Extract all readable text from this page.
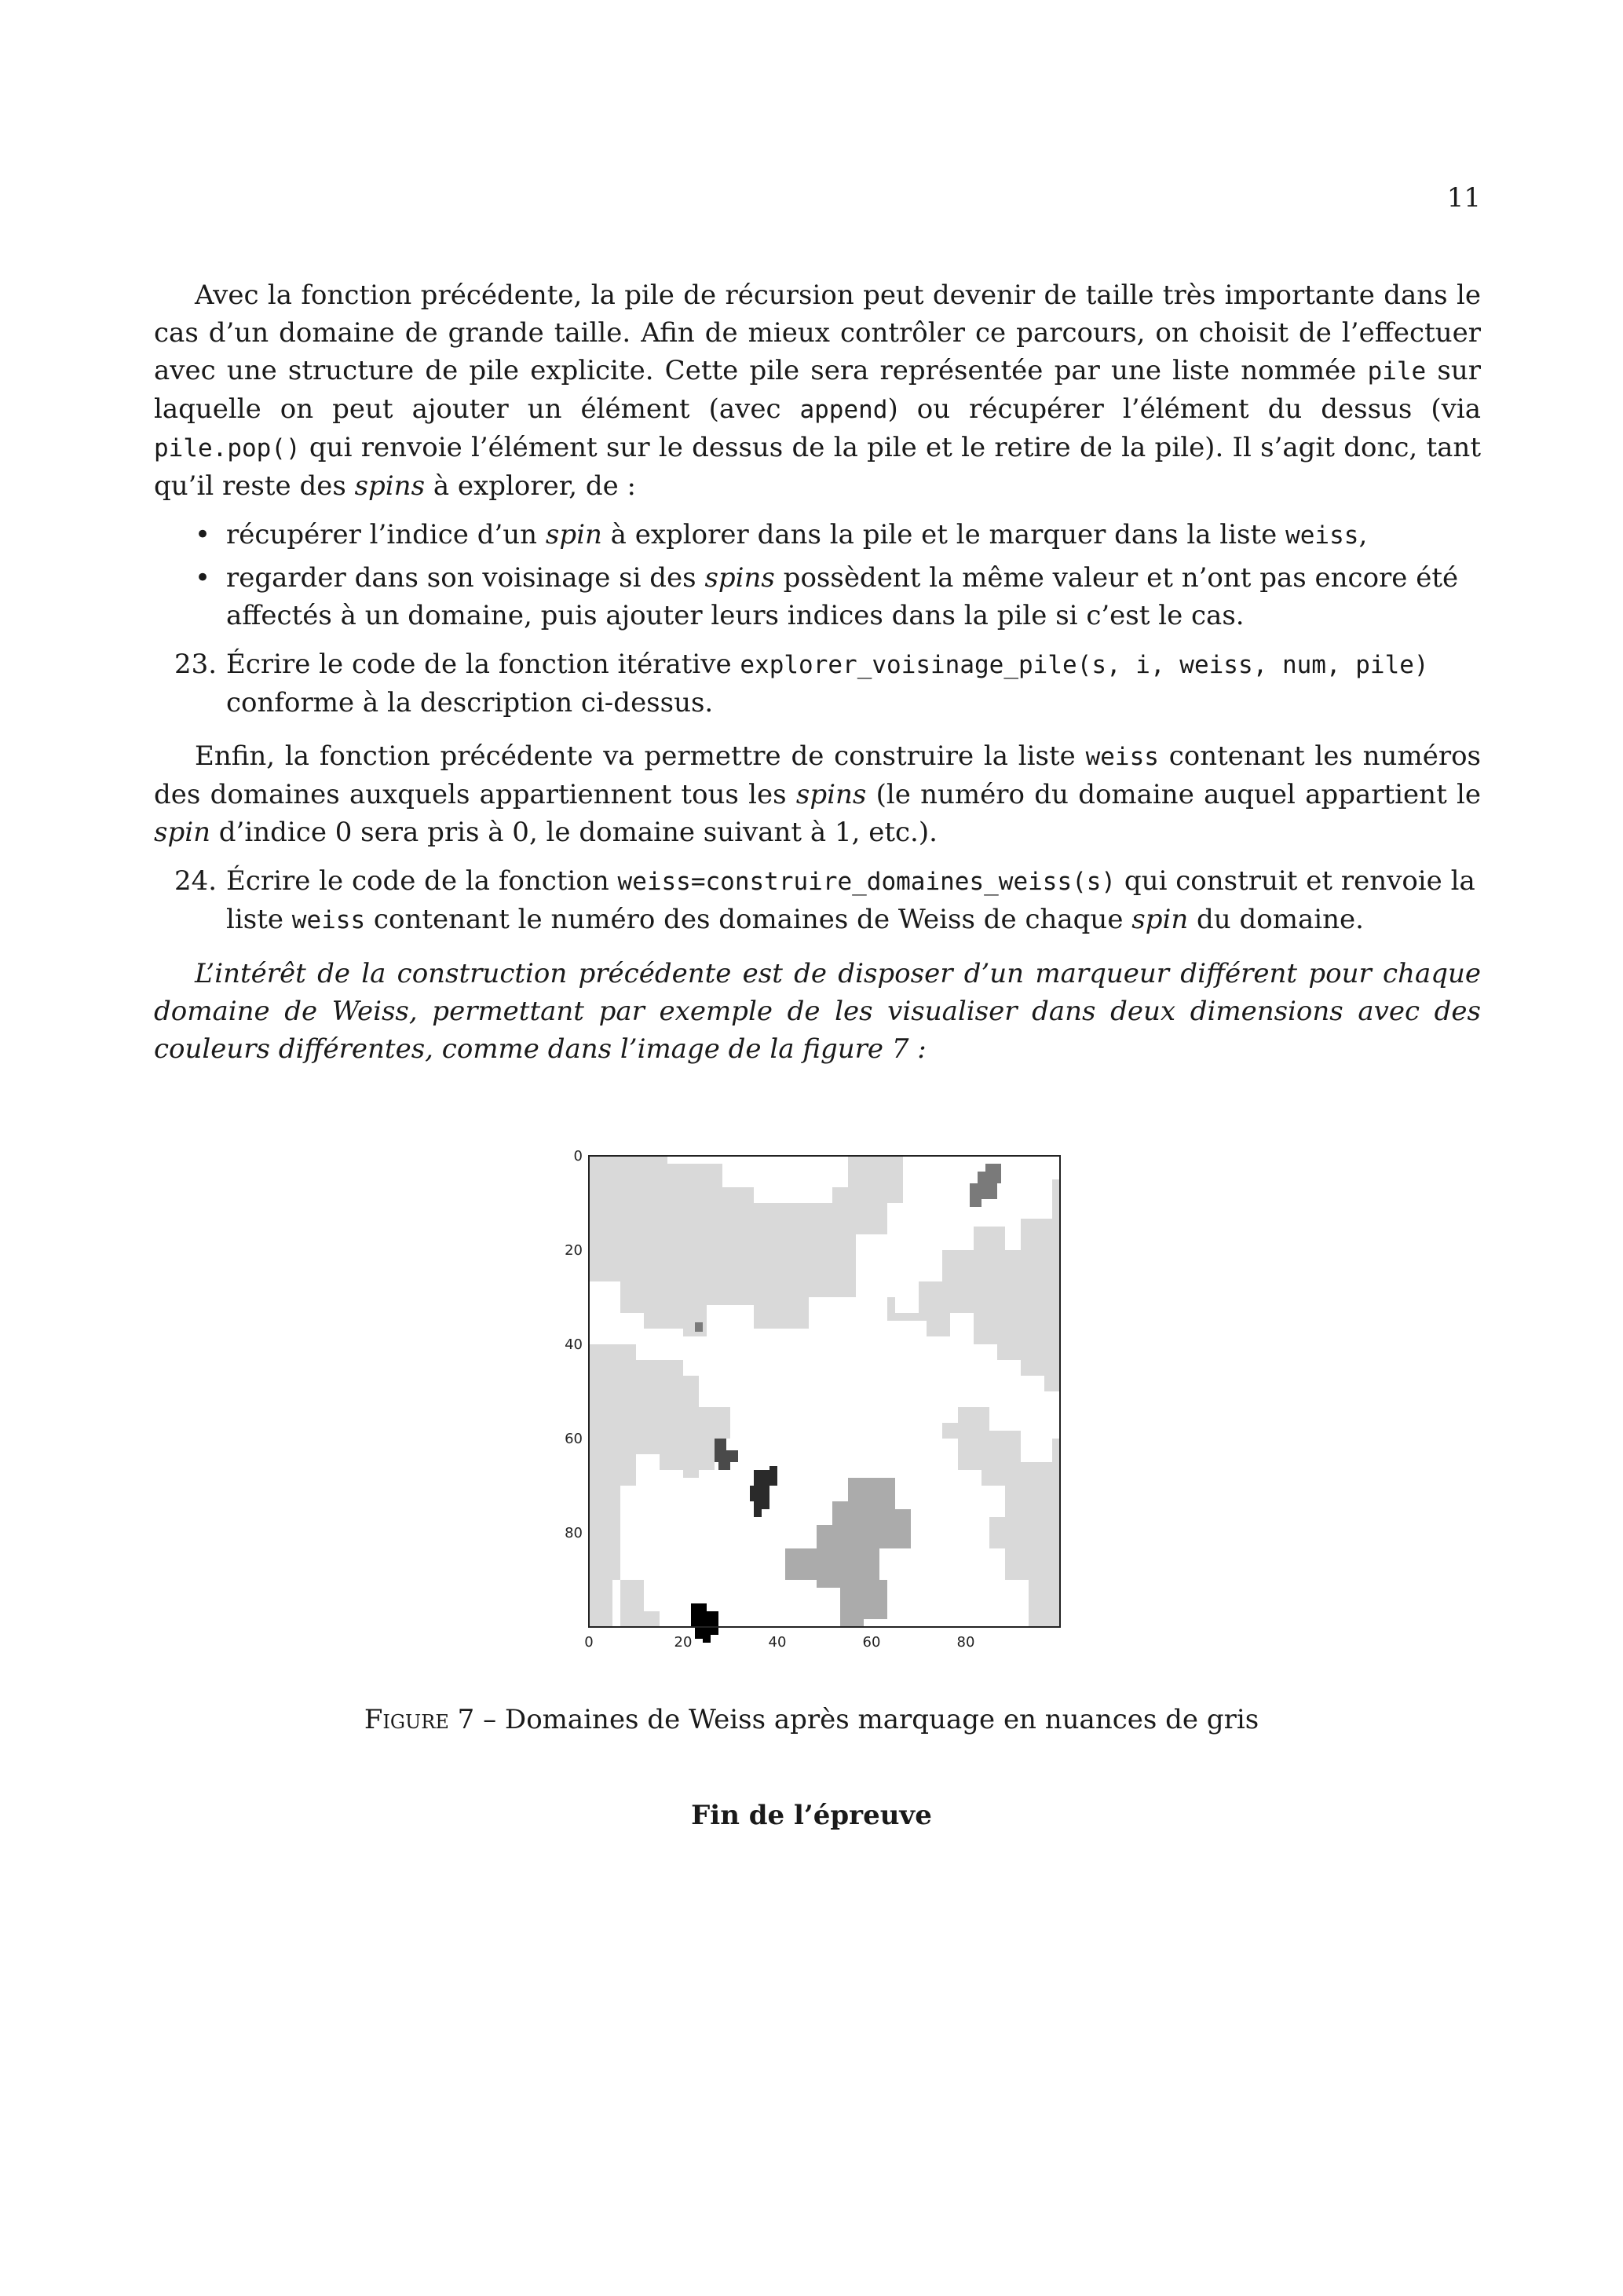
11

Avec la fonction précédente, la pile de récursion peut devenir de taille très importante dans le cas d’un domaine de grande taille. Afin de mieux contrôler ce parcours, on choisit de l’effectuer avec une structure de pile explicite. Cette pile sera représentée par une liste nommée pile sur laquelle on peut ajouter un élément (avec append) ou récupérer l’élément du dessus (via pile.pop() qui renvoie l’élément sur le dessus de la pile et le retire de la pile). Il s’agit donc, tant qu’il reste des spins à explorer, de :

• récupérer l’indice d’un spin à explorer dans la pile et le marquer dans la liste weiss,
• regarder dans son voisinage si des spins possèdent la même valeur et n’ont pas encore été affectés à un domaine, puis ajouter leurs indices dans la pile si c’est le cas.
23. Écrire le code de la fonction itérative explorer_voisinage_pile(s, i, weiss, num, pile) conforme à la description ci-dessus.

Enfin, la fonction précédente va permettre de construire la liste weiss contenant les numéros des domaines auxquels appartiennent tous les spins (le numéro du domaine auquel appartient le spin d’indice 0 sera pris à 0, le domaine suivant à 1, etc.).

24. Écrire le code de la fonction weiss=construire_domaines_weiss(s) qui construit et renvoie la liste weiss contenant le numéro des domaines de Weiss de chaque spin du domaine.

L’intérêt de la construction précédente est de disposer d’un marqueur différent pour chaque domaine de Weiss, permettant par exemple de les visualiser dans deux dimensions avec des couleurs différentes, comme dans l’image de la figure 7 :

0	20	40	60	80
0
20
40
60
80
Figure 7 – Domaines de Weiss après marquage en nuances de gris
Fin de l’épreuve
